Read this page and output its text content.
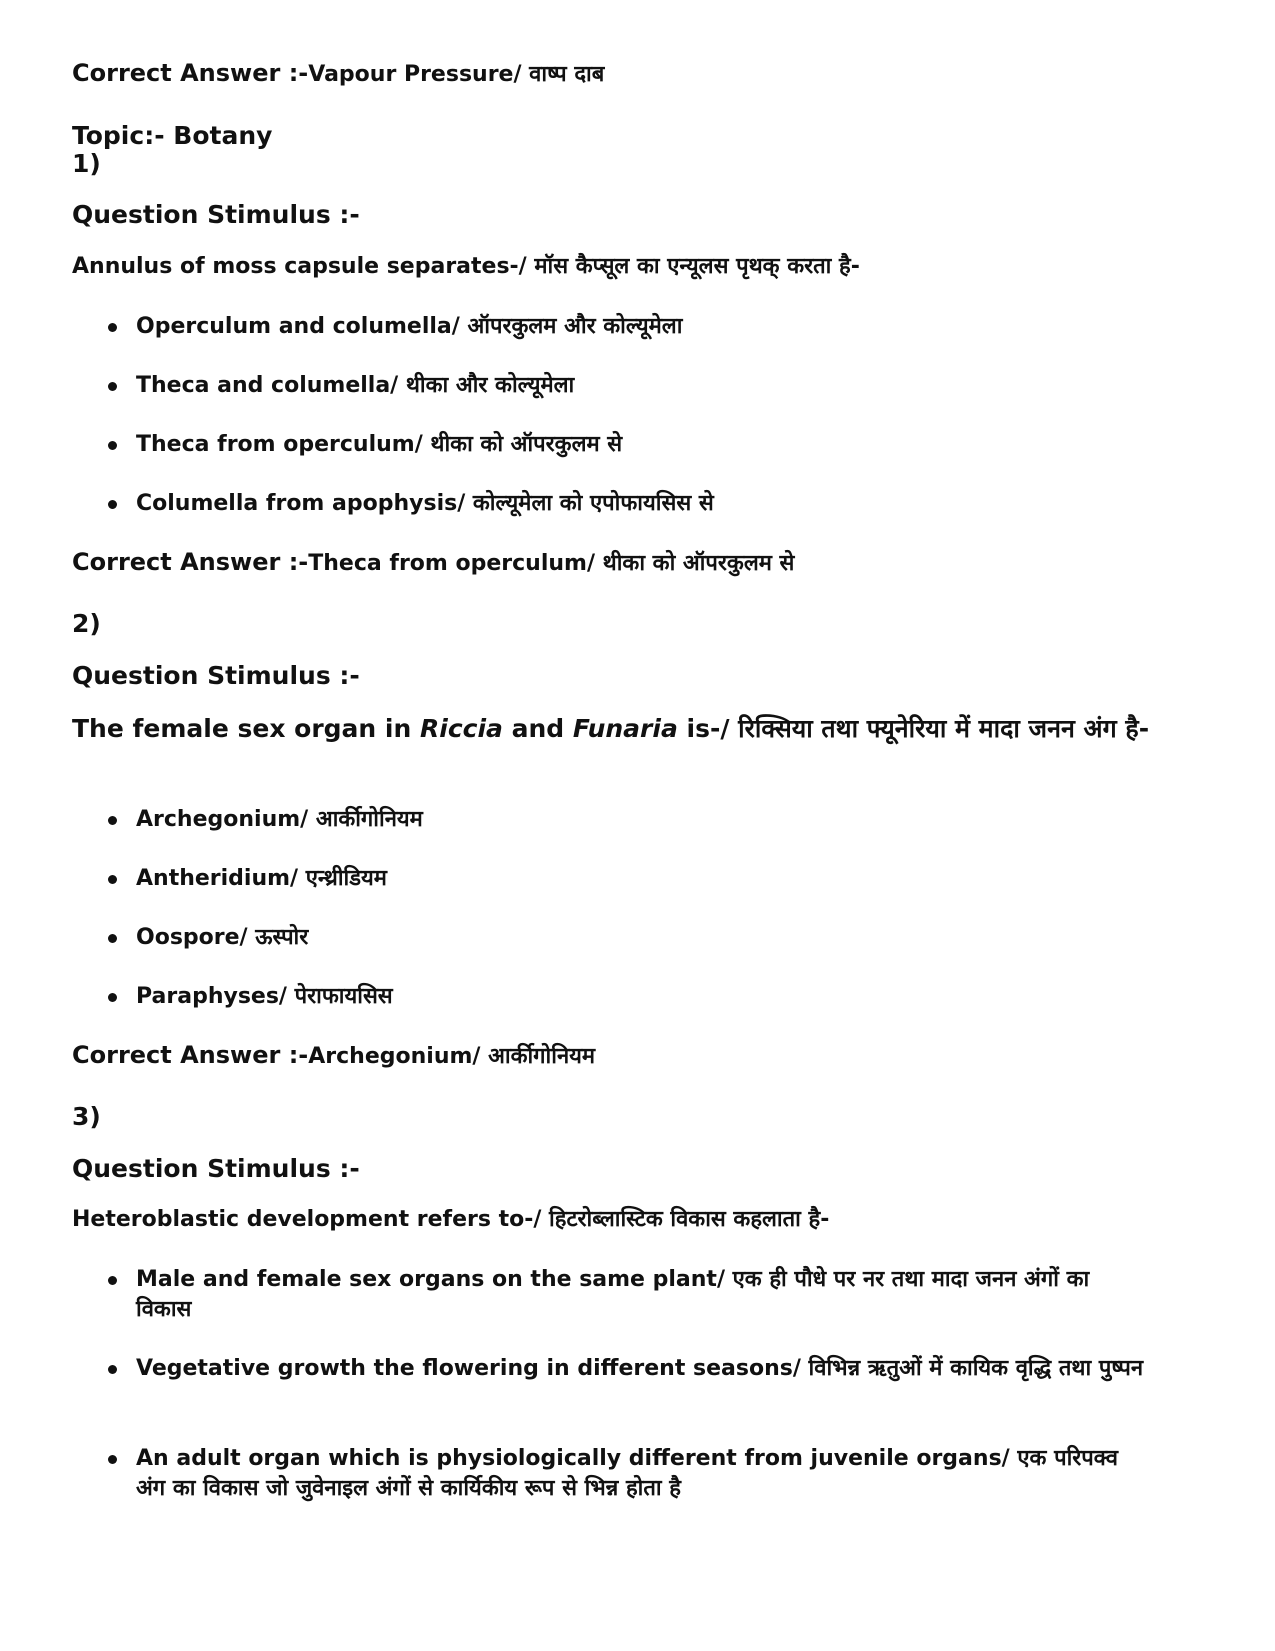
Correct Answer :-Vapour Pressure/ वाष्प दाब
Topic:- Botany
1)
Question Stimulus :-
Annulus of moss capsule separates-/ मॉस कैप्सूल का एन्यूलस पृथक् करता है-
Operculum and columella/ ऑपरकुलम और कोल्यूमेला
Theca and columella/ थीका और कोल्यूमेला
Theca from operculum/ थीका को ऑपरकुलम से
Columella from apophysis/ कोल्यूमेला को एपोफायसिस से
Correct Answer :-Theca from operculum/ थीका को ऑपरकुलम से
2)
Question Stimulus :-
The female sex organ in Riccia and Funaria is-/ रिक्सिया तथा फ्यूनेरिया में मादा जनन अंग है-
Archegonium/ आर्कीगोनियम
Antheridium/ एन्थ्रीडियम
Oospore/ ऊस्पोर
Paraphyses/ पेराफायसिस
Correct Answer :-Archegonium/ आर्कीगोनियम
3)
Question Stimulus :-
Heteroblastic development refers to-/ हिटरोब्लास्टिक विकास कहलाता है-
Male and female sex organs on the same plant/ एक ही पौधे पर नर तथा मादा जनन अंगों का विकास
Vegetative growth the flowering in different seasons/ विभिन्न ऋतुओं में कायिक वृद्धि तथा पुष्पन
An adult organ which is physiologically different from juvenile organs/ एक परिपक्व अंग का विकास जो जुवेनाइल अंगों से कार्यिकीय रूप से भिन्न होता है
